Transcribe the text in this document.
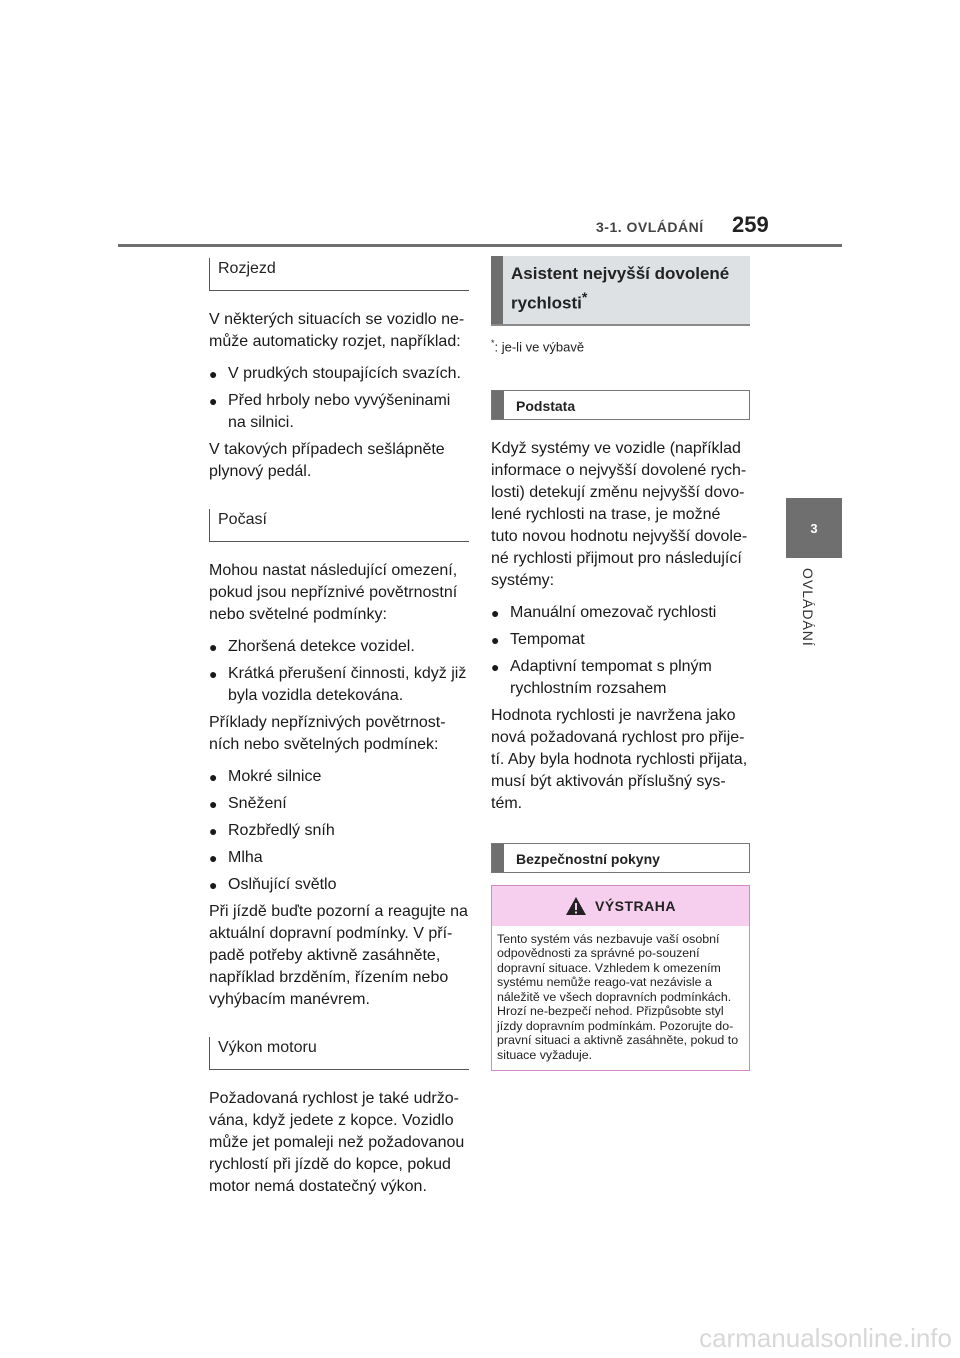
3-1. OVLÁDÁNÍ 259
3
OVLÁDÁNÍ
Rozjezd

V některých situacích se vozidlo ne-může automaticky rozjet, například:

● V prudkých stoupajících svazích.
● Před hrboly nebo vyvýšeninami na silnici.

V takových případech sešlápněte plynový pedál.

Počasí

Mohou nastat následující omezení, pokud jsou nepříznivé povětrnostní nebo světelné podmínky:

● Zhoršená detekce vozidel.
● Krátká přerušení činnosti, když již byla vozidla detekována.

Příklady nepříznivých povětrnost-ních nebo světelných podmínek:

● Mokré silnice
● Sněžení
● Rozbředlý sníh
● Mlha
● Oslňující světlo

Při jízdě buďte pozorní a reagujte na aktuální dopravní podmínky. V pří-padě potřeby aktivně zasáhněte, například brzděním, řízením nebo vyhýbacím manévrem.

Výkon motoru

Požadovaná rychlost je také udržo-vána, když jedete z kopce. Vozidlo může jet pomaleji než požadovanou rychlostí při jízdě do kopce, pokud motor nemá dostatečný výkon.

Asistent nejvyšší dovolené rychlosti*

*: je-li ve výbavě

Podstata

Když systémy ve vozidle (například informace o nejvyšší dovolené rych-losti) detekují změnu nejvyšší dovo-lené rychlosti na trase, je možné tuto novou hodnotu nejvyšší dovole-né rychlosti přijmout pro následující systémy:

● Manuální omezovač rychlosti
● Tempomat
● Adaptivní tempomat s plným rychlostním rozsahem

Hodnota rychlosti je navržena jako nová požadovaná rychlost pro přije-tí. Aby byla hodnota rychlosti přijata, musí být aktivován příslušný sys-tém.

Bezpečnostní pokyny
VÝSTRAHA
Tento systém vás nezbavuje vaší osobní odpovědnosti za správné po-souzení dopravní situace. Vzhledem k omezením systému nemůže reago-vat nezávisle a náležitě ve všech dopravních podmínkách. Hrozí ne-bezpečí nehod. Přizpůsobte styl jízdy dopravním podmínkám. Pozorujte do-pravní situaci a aktivně zasáhněte, pokud to situace vyžaduje.
carmanualsonline.info
